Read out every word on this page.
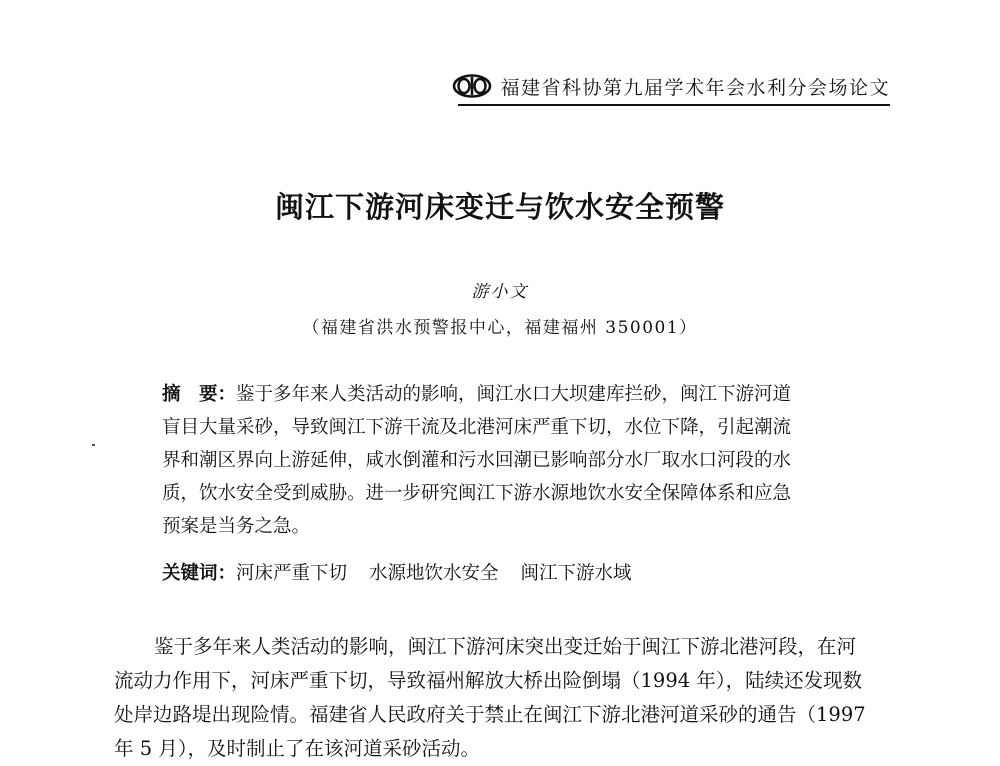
福建省科协第九届学术年会水利分会场论文
闽江下游河床变迁与饮水安全预警
游小文
（福建省洪水预警报中心，福建福州 350001）
摘　要：鉴于多年来人类活动的影响，闽江水口大坝建库拦砂，闽江下游河道
盲目大量采砂，导致闽江下游干流及北港河床严重下切，水位下降，引起潮流
界和潮区界向上游延伸，咸水倒灌和污水回潮已影响部分水厂取水口河段的水
质，饮水安全受到威胁。进一步研究闽江下游水源地饮水安全保障体系和应急
预案是当务之急。
关键词：河床严重下切 水源地饮水安全 闽江下游水域
鉴于多年来人类活动的影响，闽江下游河床突出变迁始于闽江下游北港河段，在河
流动力作用下，河床严重下切，导致福州解放大桥出险倒塌（1994 年），陆续还发现数
处岸边路堤出现险情。福建省人民政府关于禁止在闽江下游北港河道采砂的通告（1997
年 5 月），及时制止了在该河道采砂活动。
